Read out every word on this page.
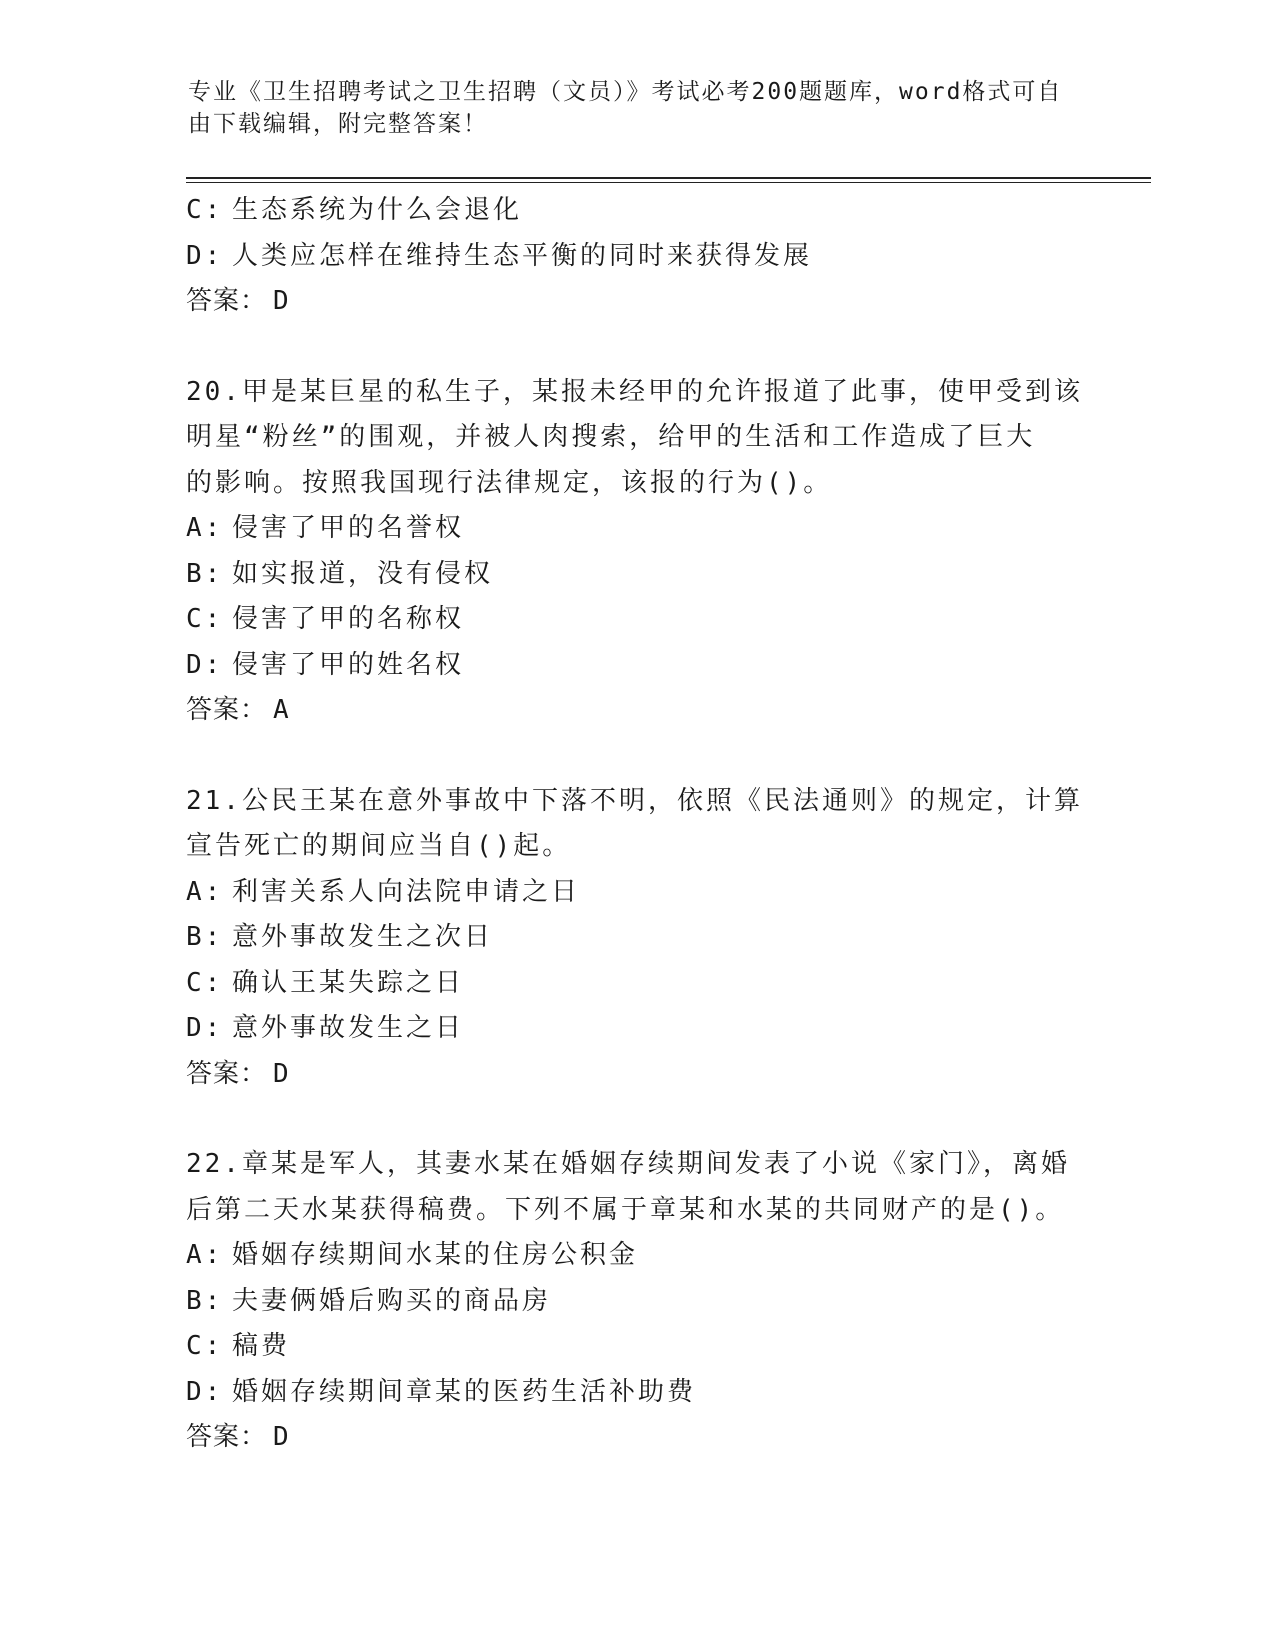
专业《卫生招聘考试之卫生招聘（文员）》考试必考200题题库，word格式可自
由下载编辑，附完整答案！
C: 生态系统为什么会退化
D: 人类应怎样在维持生态平衡的同时来获得发展
答案： D
20.甲是某巨星的私生子，某报未经甲的允许报道了此事，使甲受到该
明星“粉丝”的围观，并被人肉搜索，给甲的生活和工作造成了巨大
的影响。按照我国现行法律规定，该报的行为()。
A: 侵害了甲的名誉权
B: 如实报道，没有侵权
C: 侵害了甲的名称权
D: 侵害了甲的姓名权
答案： A
21.公民王某在意外事故中下落不明，依照《民法通则》的规定，计算
宣告死亡的期间应当自()起。
A: 利害关系人向法院申请之日
B: 意外事故发生之次日
C: 确认王某失踪之日
D: 意外事故发生之日
答案： D
22.章某是军人，其妻水某在婚姻存续期间发表了小说《家门》，离婚
后第二天水某获得稿费。下列不属于章某和水某的共同财产的是()。
A: 婚姻存续期间水某的住房公积金
B: 夫妻俩婚后购买的商品房
C: 稿费
D: 婚姻存续期间章某的医药生活补助费
答案： D
